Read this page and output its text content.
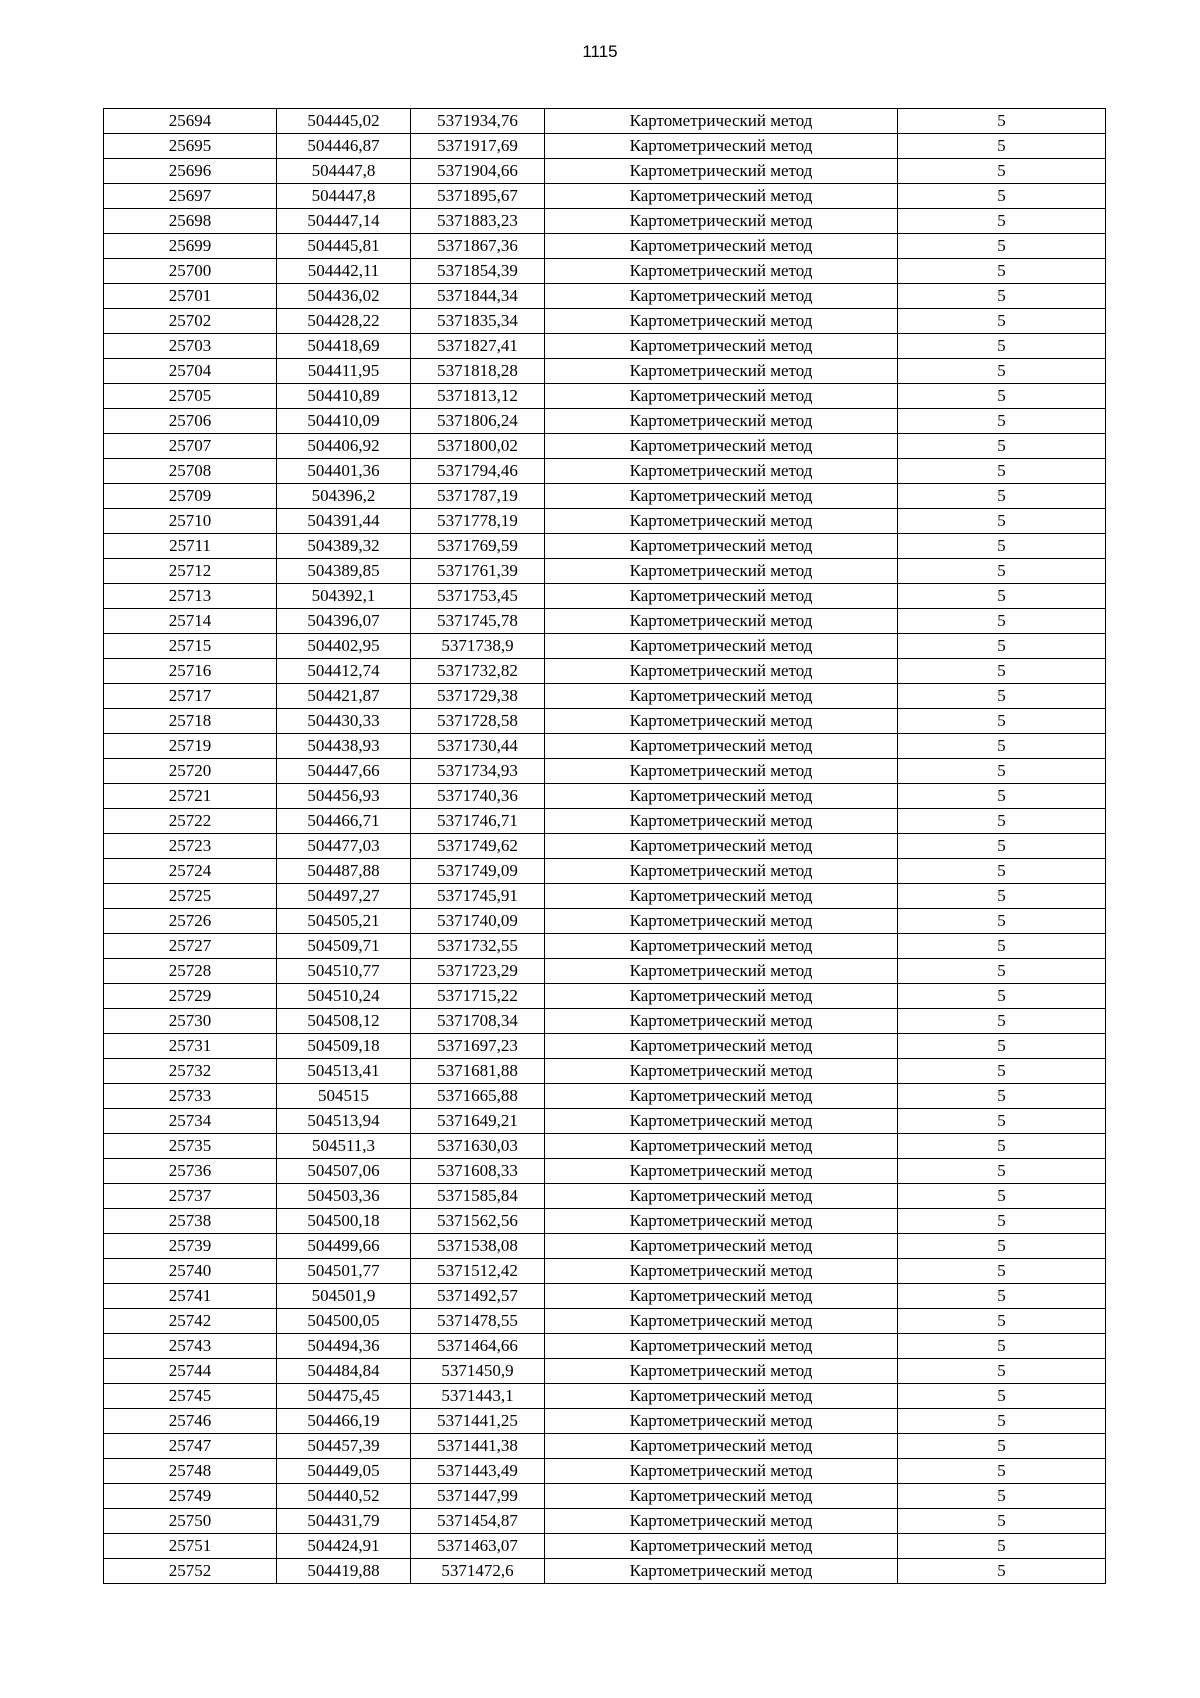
1115
25694	504445,02	5371934,76	Картометрический метод	5
25695	504446,87	5371917,69	Картометрический метод	5
25696	504447,8	5371904,66	Картометрический метод	5
25697	504447,8	5371895,67	Картометрический метод	5
25698	504447,14	5371883,23	Картометрический метод	5
25699	504445,81	5371867,36	Картометрический метод	5
25700	504442,11	5371854,39	Картометрический метод	5
25701	504436,02	5371844,34	Картометрический метод	5
25702	504428,22	5371835,34	Картометрический метод	5
25703	504418,69	5371827,41	Картометрический метод	5
25704	504411,95	5371818,28	Картометрический метод	5
25705	504410,89	5371813,12	Картометрический метод	5
25706	504410,09	5371806,24	Картометрический метод	5
25707	504406,92	5371800,02	Картометрический метод	5
25708	504401,36	5371794,46	Картометрический метод	5
25709	504396,2	5371787,19	Картометрический метод	5
25710	504391,44	5371778,19	Картометрический метод	5
25711	504389,32	5371769,59	Картометрический метод	5
25712	504389,85	5371761,39	Картометрический метод	5
25713	504392,1	5371753,45	Картометрический метод	5
25714	504396,07	5371745,78	Картометрический метод	5
25715	504402,95	5371738,9	Картометрический метод	5
25716	504412,74	5371732,82	Картометрический метод	5
25717	504421,87	5371729,38	Картометрический метод	5
25718	504430,33	5371728,58	Картометрический метод	5
25719	504438,93	5371730,44	Картометрический метод	5
25720	504447,66	5371734,93	Картометрический метод	5
25721	504456,93	5371740,36	Картометрический метод	5
25722	504466,71	5371746,71	Картометрический метод	5
25723	504477,03	5371749,62	Картометрический метод	5
25724	504487,88	5371749,09	Картометрический метод	5
25725	504497,27	5371745,91	Картометрический метод	5
25726	504505,21	5371740,09	Картометрический метод	5
25727	504509,71	5371732,55	Картометрический метод	5
25728	504510,77	5371723,29	Картометрический метод	5
25729	504510,24	5371715,22	Картометрический метод	5
25730	504508,12	5371708,34	Картометрический метод	5
25731	504509,18	5371697,23	Картометрический метод	5
25732	504513,41	5371681,88	Картометрический метод	5
25733	504515	5371665,88	Картометрический метод	5
25734	504513,94	5371649,21	Картометрический метод	5
25735	504511,3	5371630,03	Картометрический метод	5
25736	504507,06	5371608,33	Картометрический метод	5
25737	504503,36	5371585,84	Картометрический метод	5
25738	504500,18	5371562,56	Картометрический метод	5
25739	504499,66	5371538,08	Картометрический метод	5
25740	504501,77	5371512,42	Картометрический метод	5
25741	504501,9	5371492,57	Картометрический метод	5
25742	504500,05	5371478,55	Картометрический метод	5
25743	504494,36	5371464,66	Картометрический метод	5
25744	504484,84	5371450,9	Картометрический метод	5
25745	504475,45	5371443,1	Картометрический метод	5
25746	504466,19	5371441,25	Картометрический метод	5
25747	504457,39	5371441,38	Картометрический метод	5
25748	504449,05	5371443,49	Картометрический метод	5
25749	504440,52	5371447,99	Картометрический метод	5
25750	504431,79	5371454,87	Картометрический метод	5
25751	504424,91	5371463,07	Картометрический метод	5
25752	504419,88	5371472,6	Картометрический метод	5
